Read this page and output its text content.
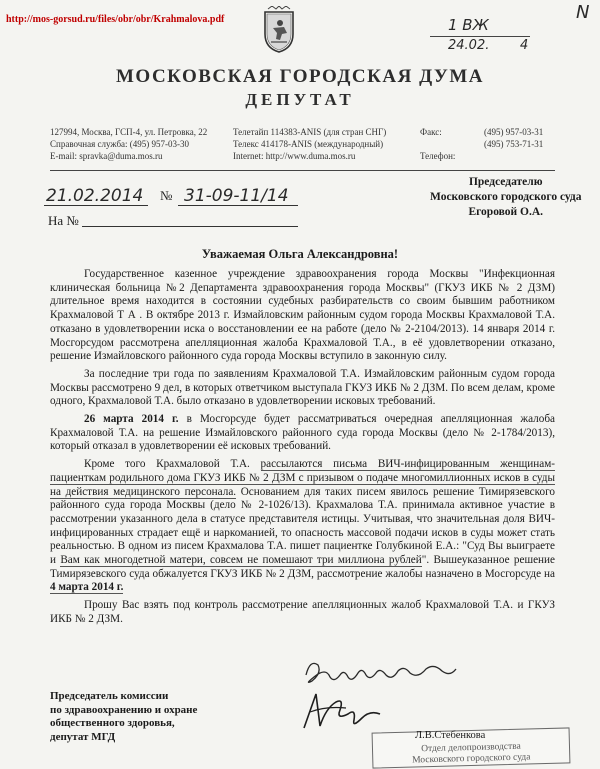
http://mos-gorsud.ru/files/obr/obr/Krahmalova.pdf	N
1 ВЖ
24.02. 4
МОСКОВСКАЯ ГОРОДСКАЯ ДУМА
ДЕПУТАТ
127994, Москва, ГСП-4, ул. Петровка, 22
Справочная служба: (495) 957-03-30
E-mail: spravka@duma.mos.ru
Телетайп 114383-ANIS (для стран СНГ)
Телекс 414178-ANIS (международный)
Internet: http://www.duma.mos.ru
Факс:
Телефон:
(495) 957-03-31
(495) 753-71-31
21.02.2014 № 31-09-11/14
На №
Председателю
Московского городского суда
Егоровой О.А.
Уважаемая Ольга Александровна!

Государственное казенное учреждение здравоохранения города Москвы "Инфекционная клиническая больница №2 Департамента здравоохранения города Москвы" (ГКУЗ ИКБ № 2 ДЗМ) длительное время находится в состоянии судебных разбирательств со своим бывшим работником Крахмаловой Т А . В октябре 2013 г. Измайловским районным судом города Москвы Крахмаловой Т.А. отказано в удовлетворении иска о восстановлении ее на работе (дело № 2-2104/2013). 14 января 2014 г. Мосгорсудом рассмотрена апелляционная жалоба Крахмаловой Т.А., в её удовлетворении отказано, решение Измайловского районного суда города Москвы вступило в законную силу.

За последние три года по заявлениям Крахмаловой Т.А. Измайловским районным судом города Москвы рассмотрено 9 дел, в которых ответчиком выступала ГКУЗ ИКБ № 2 ДЗМ. По всем делам, кроме одного, Крахмаловой Т.А. было отказано в удовлетворении исковых требований.

26 марта 2014 г. в Мосгорсуде будет рассматриваться очередная апелляционная жалоба Крахмаловой Т.А. на решение Измайловского районного суда города Москвы (дело № 2-1784/2013), который отказал в удовлетворении её исковых требований.

Кроме того Крахмаловой Т.А. рассылаются письма ВИЧ-инфицированным женщинам-пациенткам родильного дома ГКУЗ ИКБ № 2 ДЗМ с призывом о подаче многомиллионных исков в суды на действия медицинского персонала. Основанием для таких писем явилось решение Тимирязевского районного суда города Москвы (дело № 2-1026/13). Крахмалова Т.А. принимала активное участие в рассмотрении указанного дела в статусе представителя истицы. Учитывая, что значительная доля ВИЧ-инфицированных страдает ещё и наркоманией, то опасность массовой подачи исков в суды может стать реальностью. В одном из писем Крахмалова Т.А. пишет пациентке Голубкиной Е.А.: "Суд Вы выиграете и Вам как многодетной матери, совсем не помешают три миллиона рублей". Вышеуказанное решение Тимирязевского суда обжалуется ГКУЗ ИКБ № 2 ДЗМ, рассмотрение жалобы назначено в Мосгорсуде на 4 марта 2014 г.

Прошу Вас взять под контроль рассмотрение апелляционных жалоб Крахмаловой Т.А. и ГКУЗ ИКБ № 2 ДЗМ.

Председатель комиссии
по здравоохранению и охране
общественного здоровья,
депутат МГД
Отдел делопроизводства
Московского городского суда
Л.В.Стебенкова
